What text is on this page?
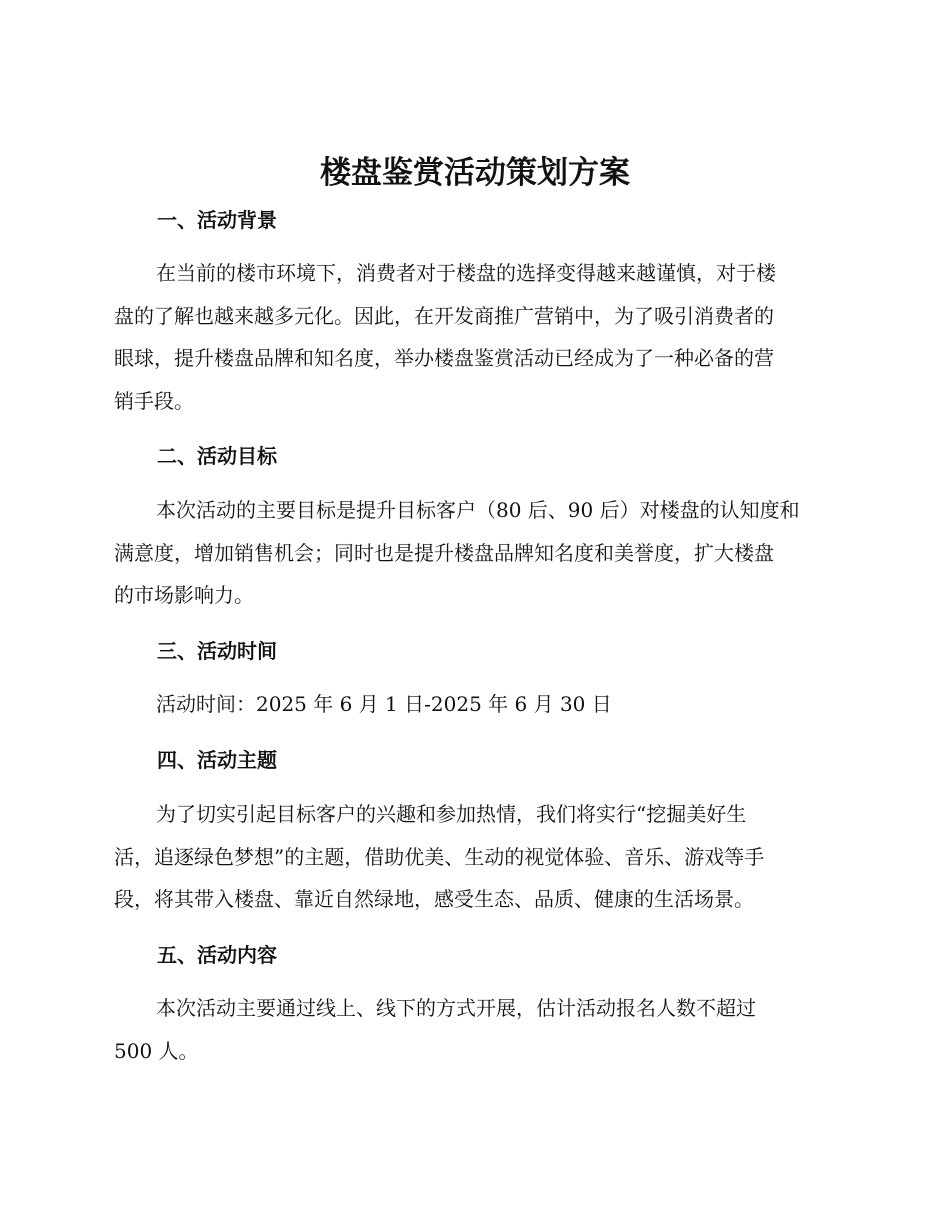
楼盘鉴赏活动策划方案
一、活动背景

在当前的楼市环境下，消费者对于楼盘的选择变得越来越谨慎，对于楼
盘的了解也越来越多元化。因此，在开发商推广营销中，为了吸引消费者的
眼球，提升楼盘品牌和知名度，举办楼盘鉴赏活动已经成为了一种必备的营
销手段。

二、活动目标

本次活动的主要目标是提升目标客户（80 后、90 后）对楼盘的认知度和
满意度，增加销售机会；同时也是提升楼盘品牌知名度和美誉度，扩大楼盘
的市场影响力。

三、活动时间

活动时间：2025 年 6 月 1 日-2025 年 6 月 30 日

四、活动主题

为了切实引起目标客户的兴趣和参加热情，我们将实行“挖掘美好生
活，追逐绿色梦想”的主题，借助优美、生动的视觉体验、音乐、游戏等手
段，将其带入楼盘、靠近自然绿地，感受生态、品质、健康的生活场景。

五、活动内容

本次活动主要通过线上、线下的方式开展，估计活动报名人数不超过
500 人。
